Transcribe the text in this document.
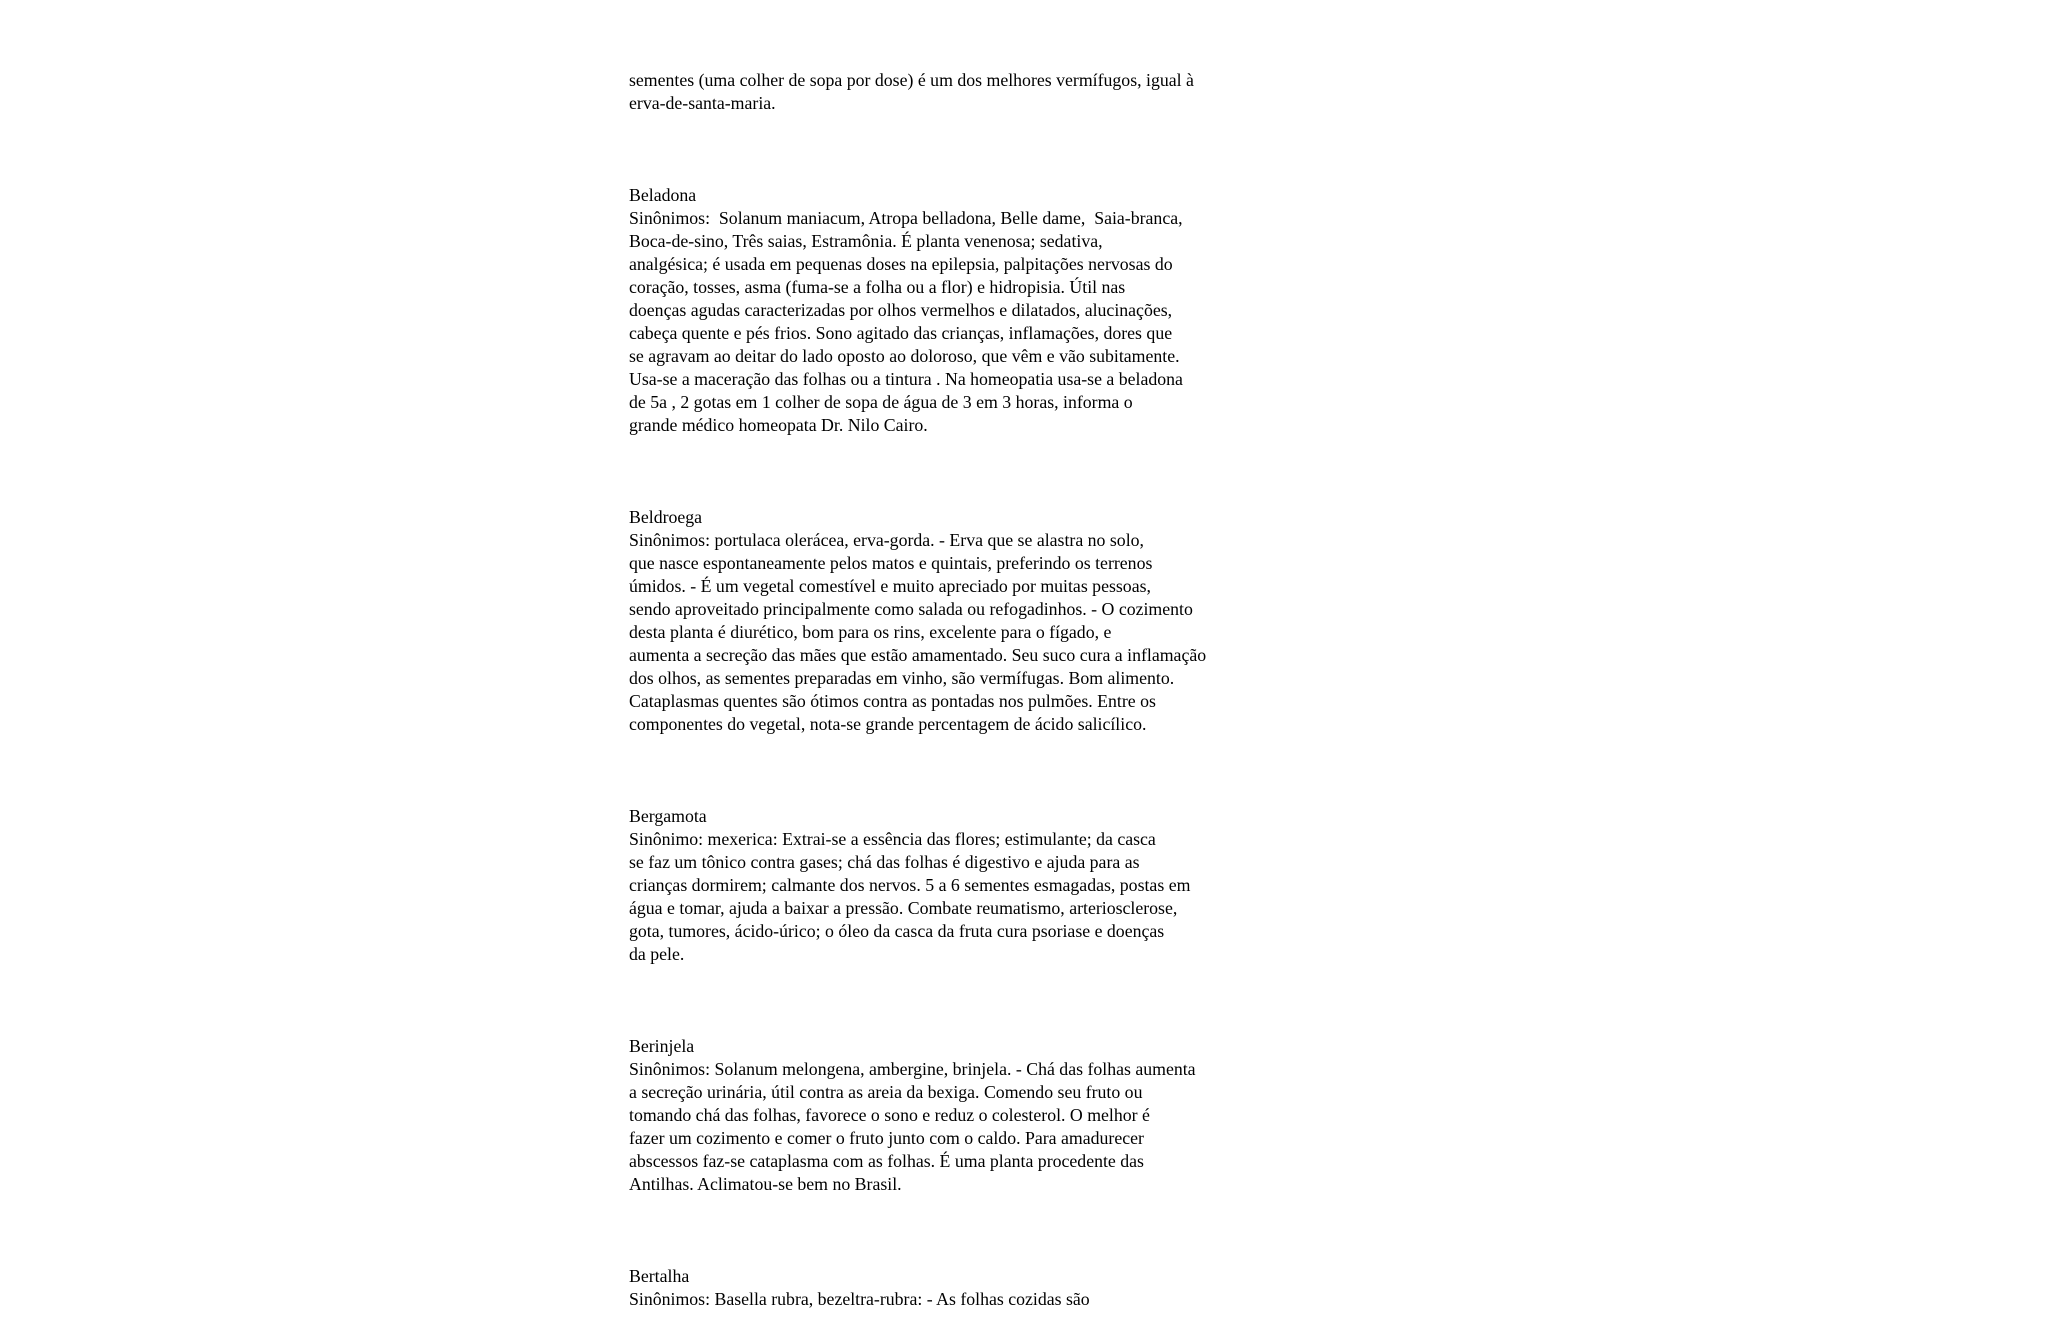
sementes (uma colher de sopa por dose) é um dos melhores vermífugos, igual à
erva-de-santa-maria.
Beladona
Sinônimos:  Solanum maniacum, Atropa belladona, Belle dame,  Saia-branca,
Boca-de-sino, Três saias, Estramônia. É planta venenosa; sedativa,
analgésica; é usada em pequenas doses na epilepsia, palpitações nervosas do
coração, tosses, asma (fuma-se a folha ou a flor) e hidropisia. Útil nas
doenças agudas caracterizadas por olhos vermelhos e dilatados, alucinações,
cabeça quente e pés frios. Sono agitado das crianças, inflamações, dores que
se agravam ao deitar do lado oposto ao doloroso, que vêm e vão subitamente.
Usa-se a maceração das folhas ou a tintura . Na homeopatia usa-se a beladona
de 5a , 2 gotas em 1 colher de sopa de água de 3 em 3 horas, informa o
grande médico homeopata Dr. Nilo Cairo.
Beldroega
Sinônimos: portulaca olerácea, erva-gorda. - Erva que se alastra no solo,
que nasce espontaneamente pelos matos e quintais, preferindo os terrenos
úmidos. - É um vegetal comestível e muito apreciado por muitas pessoas,
sendo aproveitado principalmente como salada ou refogadinhos. - O cozimento
desta planta é diurético, bom para os rins, excelente para o fígado, e
aumenta a secreção das mães que estão amamentado. Seu suco cura a inflamação
dos olhos, as sementes preparadas em vinho, são vermífugas. Bom alimento.
Cataplasmas quentes são ótimos contra as pontadas nos pulmões. Entre os
componentes do vegetal, nota-se grande percentagem de ácido salicílico.
Bergamota
Sinônimo: mexerica: Extrai-se a essência das flores; estimulante; da casca
se faz um tônico contra gases; chá das folhas é digestivo e ajuda para as
crianças dormirem; calmante dos nervos. 5 a 6 sementes esmagadas, postas em
água e tomar, ajuda a baixar a pressão. Combate reumatismo, arteriosclerose,
gota, tumores, ácido-úrico; o óleo da casca da fruta cura psoriase e doenças
da pele.
Berinjela
Sinônimos: Solanum melongena, ambergine, brinjela. - Chá das folhas aumenta
a secreção urinária, útil contra as areia da bexiga. Comendo seu fruto ou
tomando chá das folhas, favorece o sono e reduz o colesterol. O melhor é
fazer um cozimento e comer o fruto junto com o caldo. Para amadurecer
abscessos faz-se cataplasma com as folhas. É uma planta procedente das
Antilhas. Aclimatou-se bem no Brasil.
Bertalha
Sinônimos: Basella rubra, bezeltra-rubra: - As folhas cozidas são
